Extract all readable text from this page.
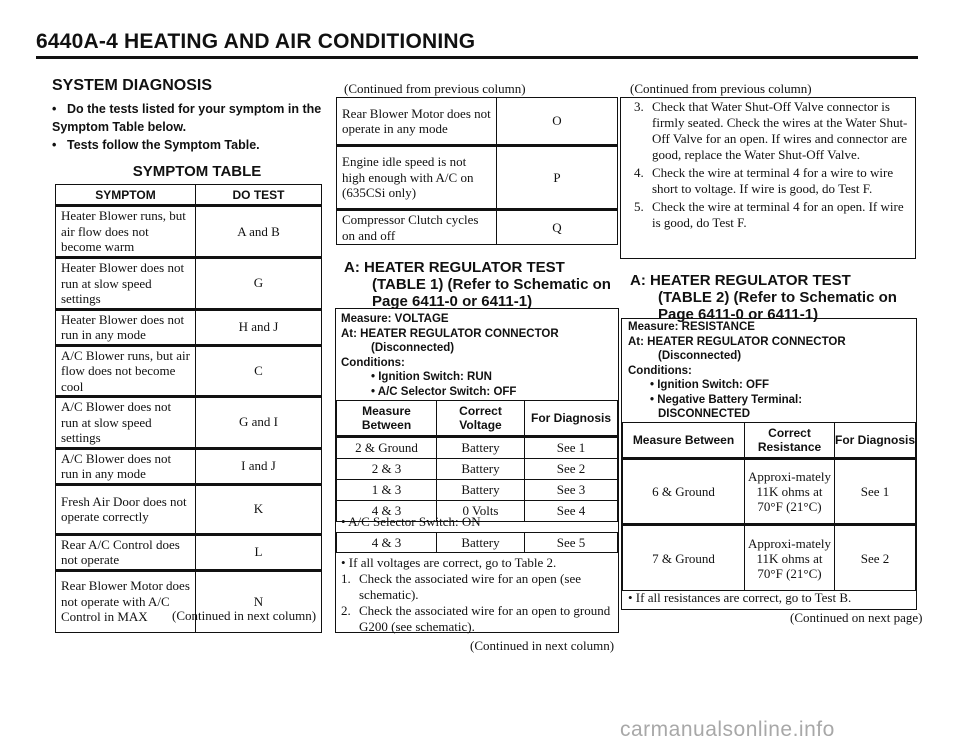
6440A-4 HEATING AND AIR CONDITIONING
SYSTEM DIAGNOSIS
• Do the tests listed for your symptom in the Symptom Table below.
• Tests follow the Symptom Table.
SYMPTOM TABLE
SYMPTOM	DO TEST
Heater Blower runs, but air flow does not become warm	A and B
Heater Blower does not run at slow speed settings	G
Heater Blower does not run in any mode	H and J
A/C Blower runs, but air flow does not become cool	C
A/C Blower does not run at slow speed settings	G and I
A/C Blower does not run in any mode	I and J
Fresh Air Door does not operate correctly	K
Rear A/C Control does not operate	L
Rear Blower Motor does not operate with A/C Control in MAX	N
(Continued in next column)
(Continued from previous column)
Rear Blower Motor does not operate in any mode	O
Engine idle speed is not high enough with A/C on (635CSi only)	P
Compressor Clutch cycles on and off	Q
A: HEATER REGULATOR TEST
(TABLE 1) (Refer to Schematic on
Page 6411-0 or 6411-1)
Measure: VOLTAGE
At: HEATER REGULATOR CONNECTOR
(Disconnected)
Conditions:
• Ignition Switch: RUN
• A/C Selector Switch: OFF
Measure Between	Correct Voltage	For Diagnosis
2 & Ground	Battery	See 1
2 & 3	Battery	See 2
1 & 3	Battery	See 3
4 & 3	0 Volts	See 4
• A/C Selector Switch: ON
4 & 3	Battery	See 5
• If all voltages are correct, go to Table 2.
1. Check the associated wire for an open (see schematic).
2. Check the associated wire for an open to ground G200 (see schematic).
(Continued in next column)
(Continued from previous column)
3. Check that Water Shut-Off Valve connector is firmly seated. Check the wires at the Water Shut-Off Valve for an open. If wires and connector are good, replace the Water Shut-Off Valve.
4. Check the wire at terminal 4 for a wire to wire short to voltage. If wire is good, do Test F.
5. Check the wire at terminal 4 for an open. If wire is good, do Test F.
A: HEATER REGULATOR TEST
(TABLE 2) (Refer to Schematic on
Page 6411-0 or 6411-1)
Measure: RESISTANCE
At: HEATER REGULATOR CONNECTOR
(Disconnected)
Conditions:
• Ignition Switch: OFF
• Negative Battery Terminal:
DISCONNECTED
Measure Between	Correct Resistance	For Diagnosis
6 & Ground	Approxi-mately 11K ohms at 70°F (21°C)	See 1
7 & Ground	Approxi-mately 11K ohms at 70°F (21°C)	See 2
• If all resistances are correct, go to Test B.
(Continued on next page)
carmanualsonline.info
